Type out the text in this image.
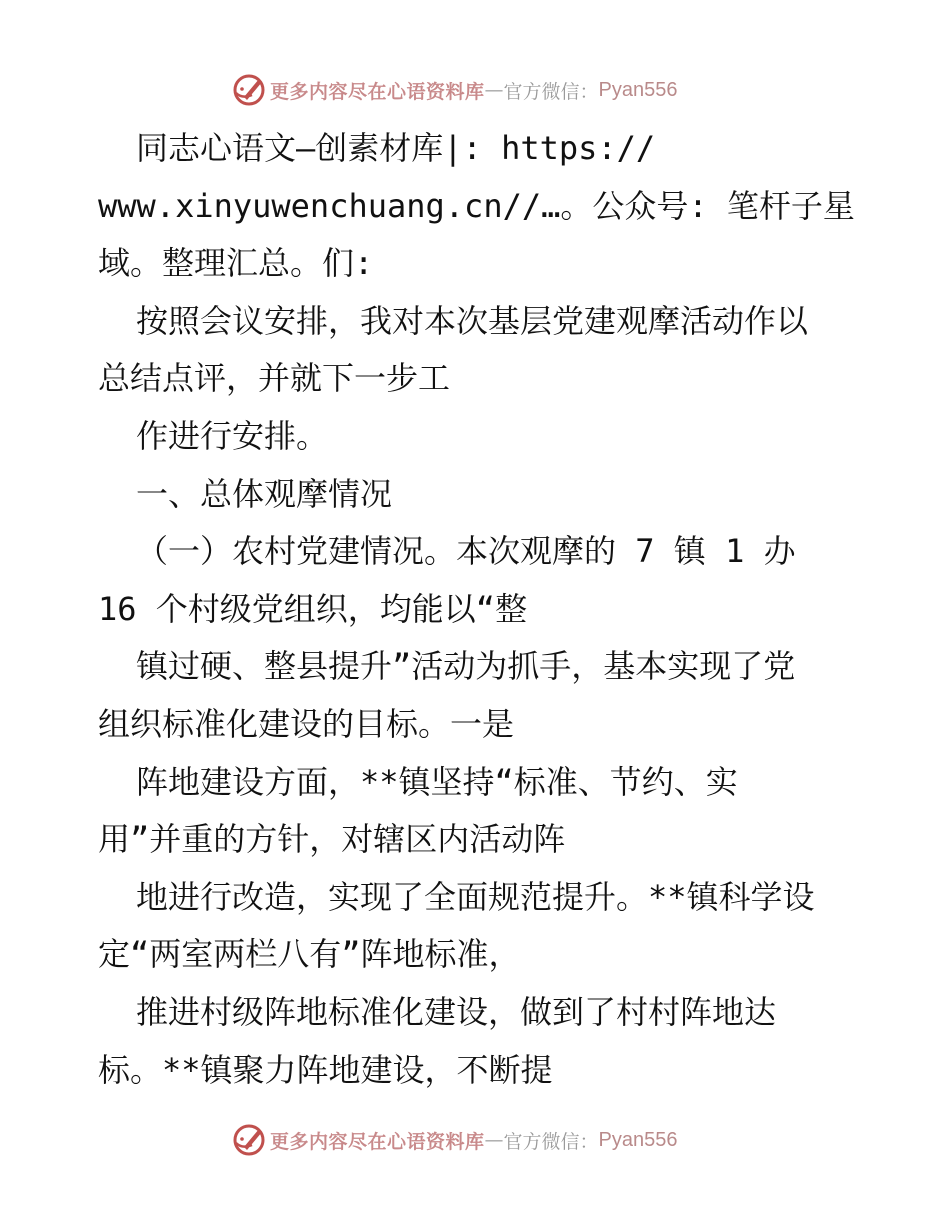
更多内容尽在心语资料库 — 官方微信： Pyan556
同志心语文—创素材库|: https://
www.xinyuwenchuang.cn//…。公众号: 笔杆子星
域。整理汇总。们:
按照会议安排，我对本次基层党建观摩活动作以
总结点评，并就下一步工
作进行安排。
一、总体观摩情况
（一）农村党建情况。本次观摩的 7 镇 1 办
16 个村级党组织，均能以“整
镇过硬、整县提升”活动为抓手，基本实现了党
组织标准化建设的目标。一是
阵地建设方面，**镇坚持“标准、节约、实
用”并重的方针，对辖区内活动阵
地进行改造，实现了全面规范提升。**镇科学设
定“两室两栏八有”阵地标准，
推进村级阵地标准化建设，做到了村村阵地达
标。**镇聚力阵地建设，不断提
更多内容尽在心语资料库 — 官方微信： Pyan556
